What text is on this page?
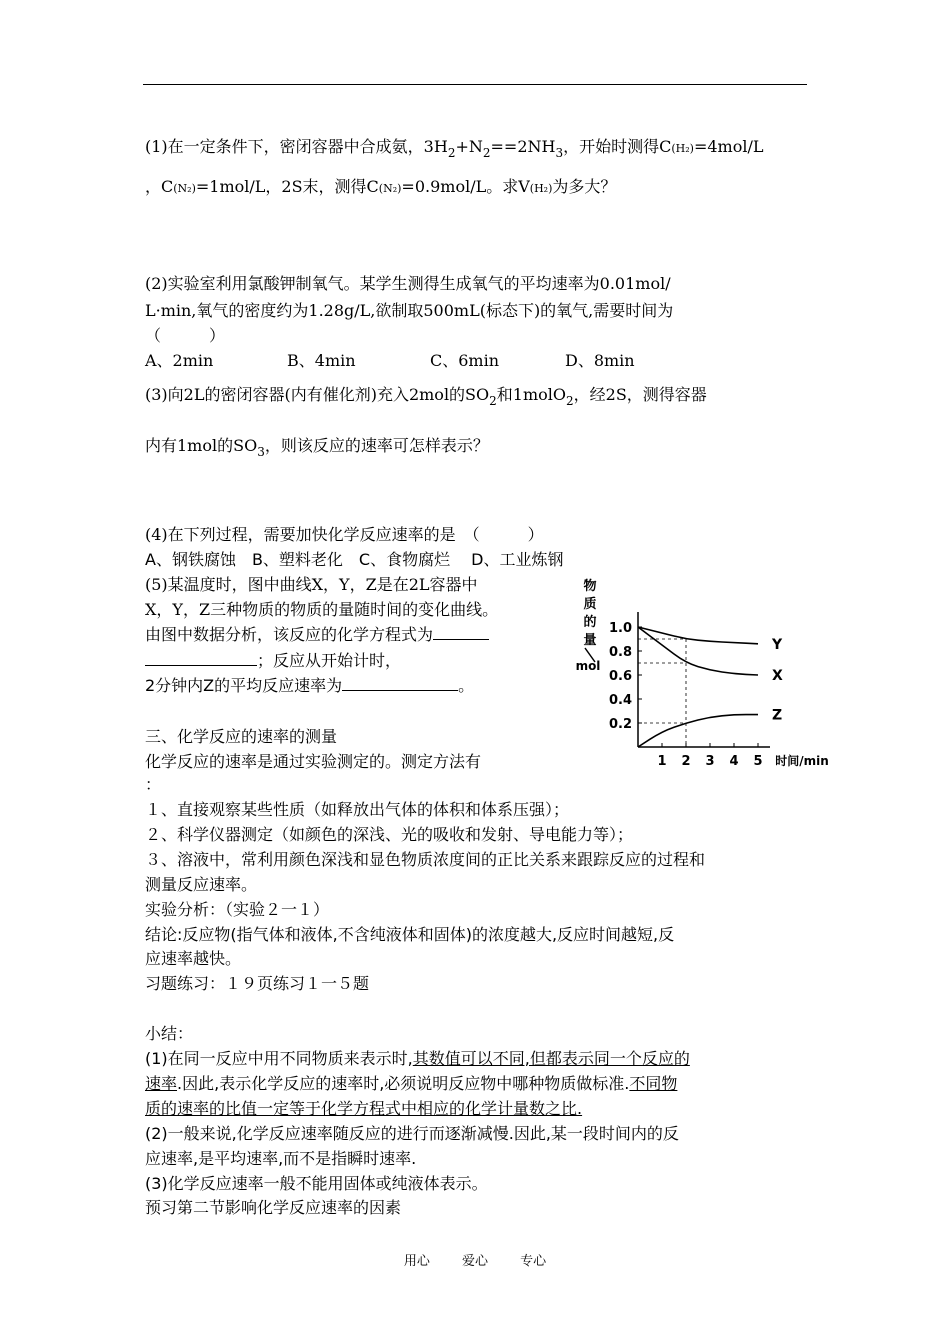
(1)在一定条件下，密闭容器中合成氨，$3H_2+N_2==2NH_3$，开始时测得C(H₂)=4mol/L
，C(N₂)=1mol/L，2S末，测得C(N₂)=0.9mol/L。求V(H₂)为多大？
(2)实验室利用氯酸钾制氧气。某学生测得生成氧气的平均速率为0.01mol/
L·min,氧气的密度约为1.28g/L,欲制取500mL(标态下)的氧气,需要时间为
（　　　）
A、2min	B、4min	C、6min	D、8min
(3)向2L的密闭容器(内有催化剂)充入2mol的$SO_2$和1molO$_2$，经2S，测得容器
内有1mol的$SO_3$，则该反应的速率可怎样表示？
(4)在下列过程，需要加快化学反应速率的是　（　　　）
A、钢铁腐蚀　B、塑料老化　C、食物腐烂　 D、工业炼钢
(5)某温度时，图中曲线X，Y，Z是在2L容器中
X，Y，Z三种物质的物质的量随时间的变化曲线。
由图中数据分析，该反应的化学方程式为
；反应从开始计时，
2分钟内Z的平均反应速率为	。
物
质
的
量
mol
1 2 3 4 5
1.0
0.8
0.6
0.4
0.2
Y
X
Z
时间/min
三、化学反应的速率的测量
化学反应的速率是通过实验测定的。测定方法有
：
１、直接观察某些性质（如释放出气体的体积和体系压强）；
２、科学仪器测定（如颜色的深浅、光的吸收和发射、导电能力等）；
３、溶液中，常利用颜色深浅和显色物质浓度间的正比关系来跟踪反应的过程和
测量反应速率。
实验分析：（实验２一１）
结论:反应物(指气体和液体,不含纯液体和固体)的浓度越大,反应时间越短,反
应速率越快。
习题练习：１９页练习１一５题
小结：
(1)在同一反应中用不同物质来表示时,其数值可以不同,但都表示同一个反应的
速率.因此,表示化学反应的速率时,必须说明反应物中哪种物质做标准.不同物
质的速率的比值一定等于化学方程式中相应的化学计量数之比.
(2)一般来说,化学反应速率随反应的进行而逐渐减慢.因此,某一段时间内的反
应速率,是平均速率,而不是指瞬时速率.
(3)化学反应速率一般不能用固体或纯液体表示。
预习第二节影响化学反应速率的因素
用心 爱心 专心
